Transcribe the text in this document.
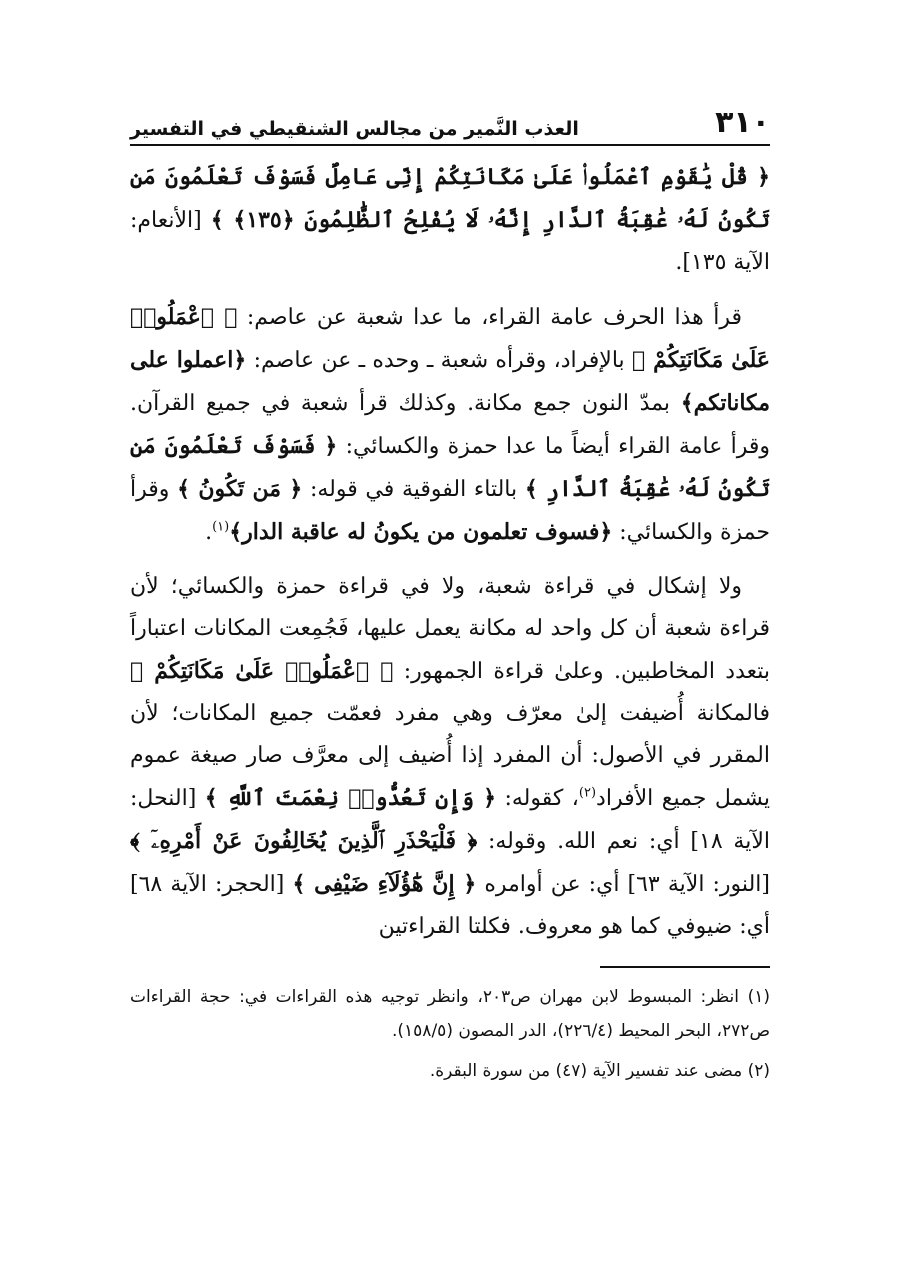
٣١٠
العذب النَّمير من مجالس الشنقيطي في التفسير

﴿ قُلْ يَٰقَوْمِ ٱعْمَلُوا۟ عَلَىٰ مَكَانَتِكُمْ إِنِّى عَامِلٌ فَسَوْفَ تَعْلَمُونَ مَن تَكُونُ لَهُۥ عَٰقِبَةُ ٱلدَّارِ إِنَّهُۥ لَا يُفْلِحُ ٱلظَّٰلِمُونَ ﴿١٣٥﴾ ﴾ [الأنعام: الآية ١٣٥].

قرأ هذا الحرف عامة القراء، ما عدا شعبة عن عاصم: ﴿ ٱعْمَلُوا۟ عَلَىٰ مَكَانَتِكُمْ ﴾ بالإفراد، وقرأه شعبة ـ وحده ـ عن عاصم: ﴿اعملوا على مكاناتكم﴾ بمدّ النون جمع مكانة. وكذلك قرأ شعبة في جميع القرآن. وقرأ عامة القراء أيضاً ما عدا حمزة والكسائي: ﴿ فَسَوْفَ تَعْلَمُونَ مَن تَكُونُ لَهُۥ عَٰقِبَةُ ٱلدَّارِ ﴾ بالتاء الفوقية في قوله: ﴿ مَن تَكُونُ ﴾ وقرأ حمزة والكسائي: ﴿فسوف تعلمون من يكونُ له عاقبة الدار﴾$^{(١)}$.

ولا إشكال في قراءة شعبة، ولا في قراءة حمزة والكسائي؛ لأن قراءة شعبة أن كل واحد له مكانة يعمل عليها، فَجُمِعت المكانات اعتباراً بتعدد المخاطبين. وعلىٰ قراءة الجمهور: ﴿ ٱعْمَلُوا۟ عَلَىٰ مَكَانَتِكُمْ ﴾ فالمكانة أُضيفت إلىٰ معرّف وهي مفرد فعمّت جميع المكانات؛ لأن المقرر في الأصول: أن المفرد إذا أُضيف إلى معرَّف صار صيغة عموم يشمل جميع الأفراد$^{(٢)}$، كقوله: ﴿ وَإِن تَعُدُّوا۟ نِعْمَتَ ٱللَّهِ ﴾ [النحل: الآية ١٨] أي: نعم الله. وقوله: ﴿ فَلْيَحْذَرِ ٱلَّذِينَ يُخَالِفُونَ عَنْ أَمْرِهِۦٓ ﴾ [النور: الآية ٦٣] أي: عن أوامره ﴿ إِنَّ هَٰٓؤُلَآءِ ضَيْفِى ﴾ [الحجر: الآية ٦٨] أي: ضيوفي كما هو معروف. فكلتا القراءتين

(١) انظر: المبسوط لابن مهران ص٢٠٣، وانظر توجيه هذه القراءات في: حجة القراءات ص٢٧٢، البحر المحيط (٢٢٦/٤)، الدر المصون (١٥٨/٥).

(٢) مضى عند تفسير الآية (٤٧) من سورة البقرة.
